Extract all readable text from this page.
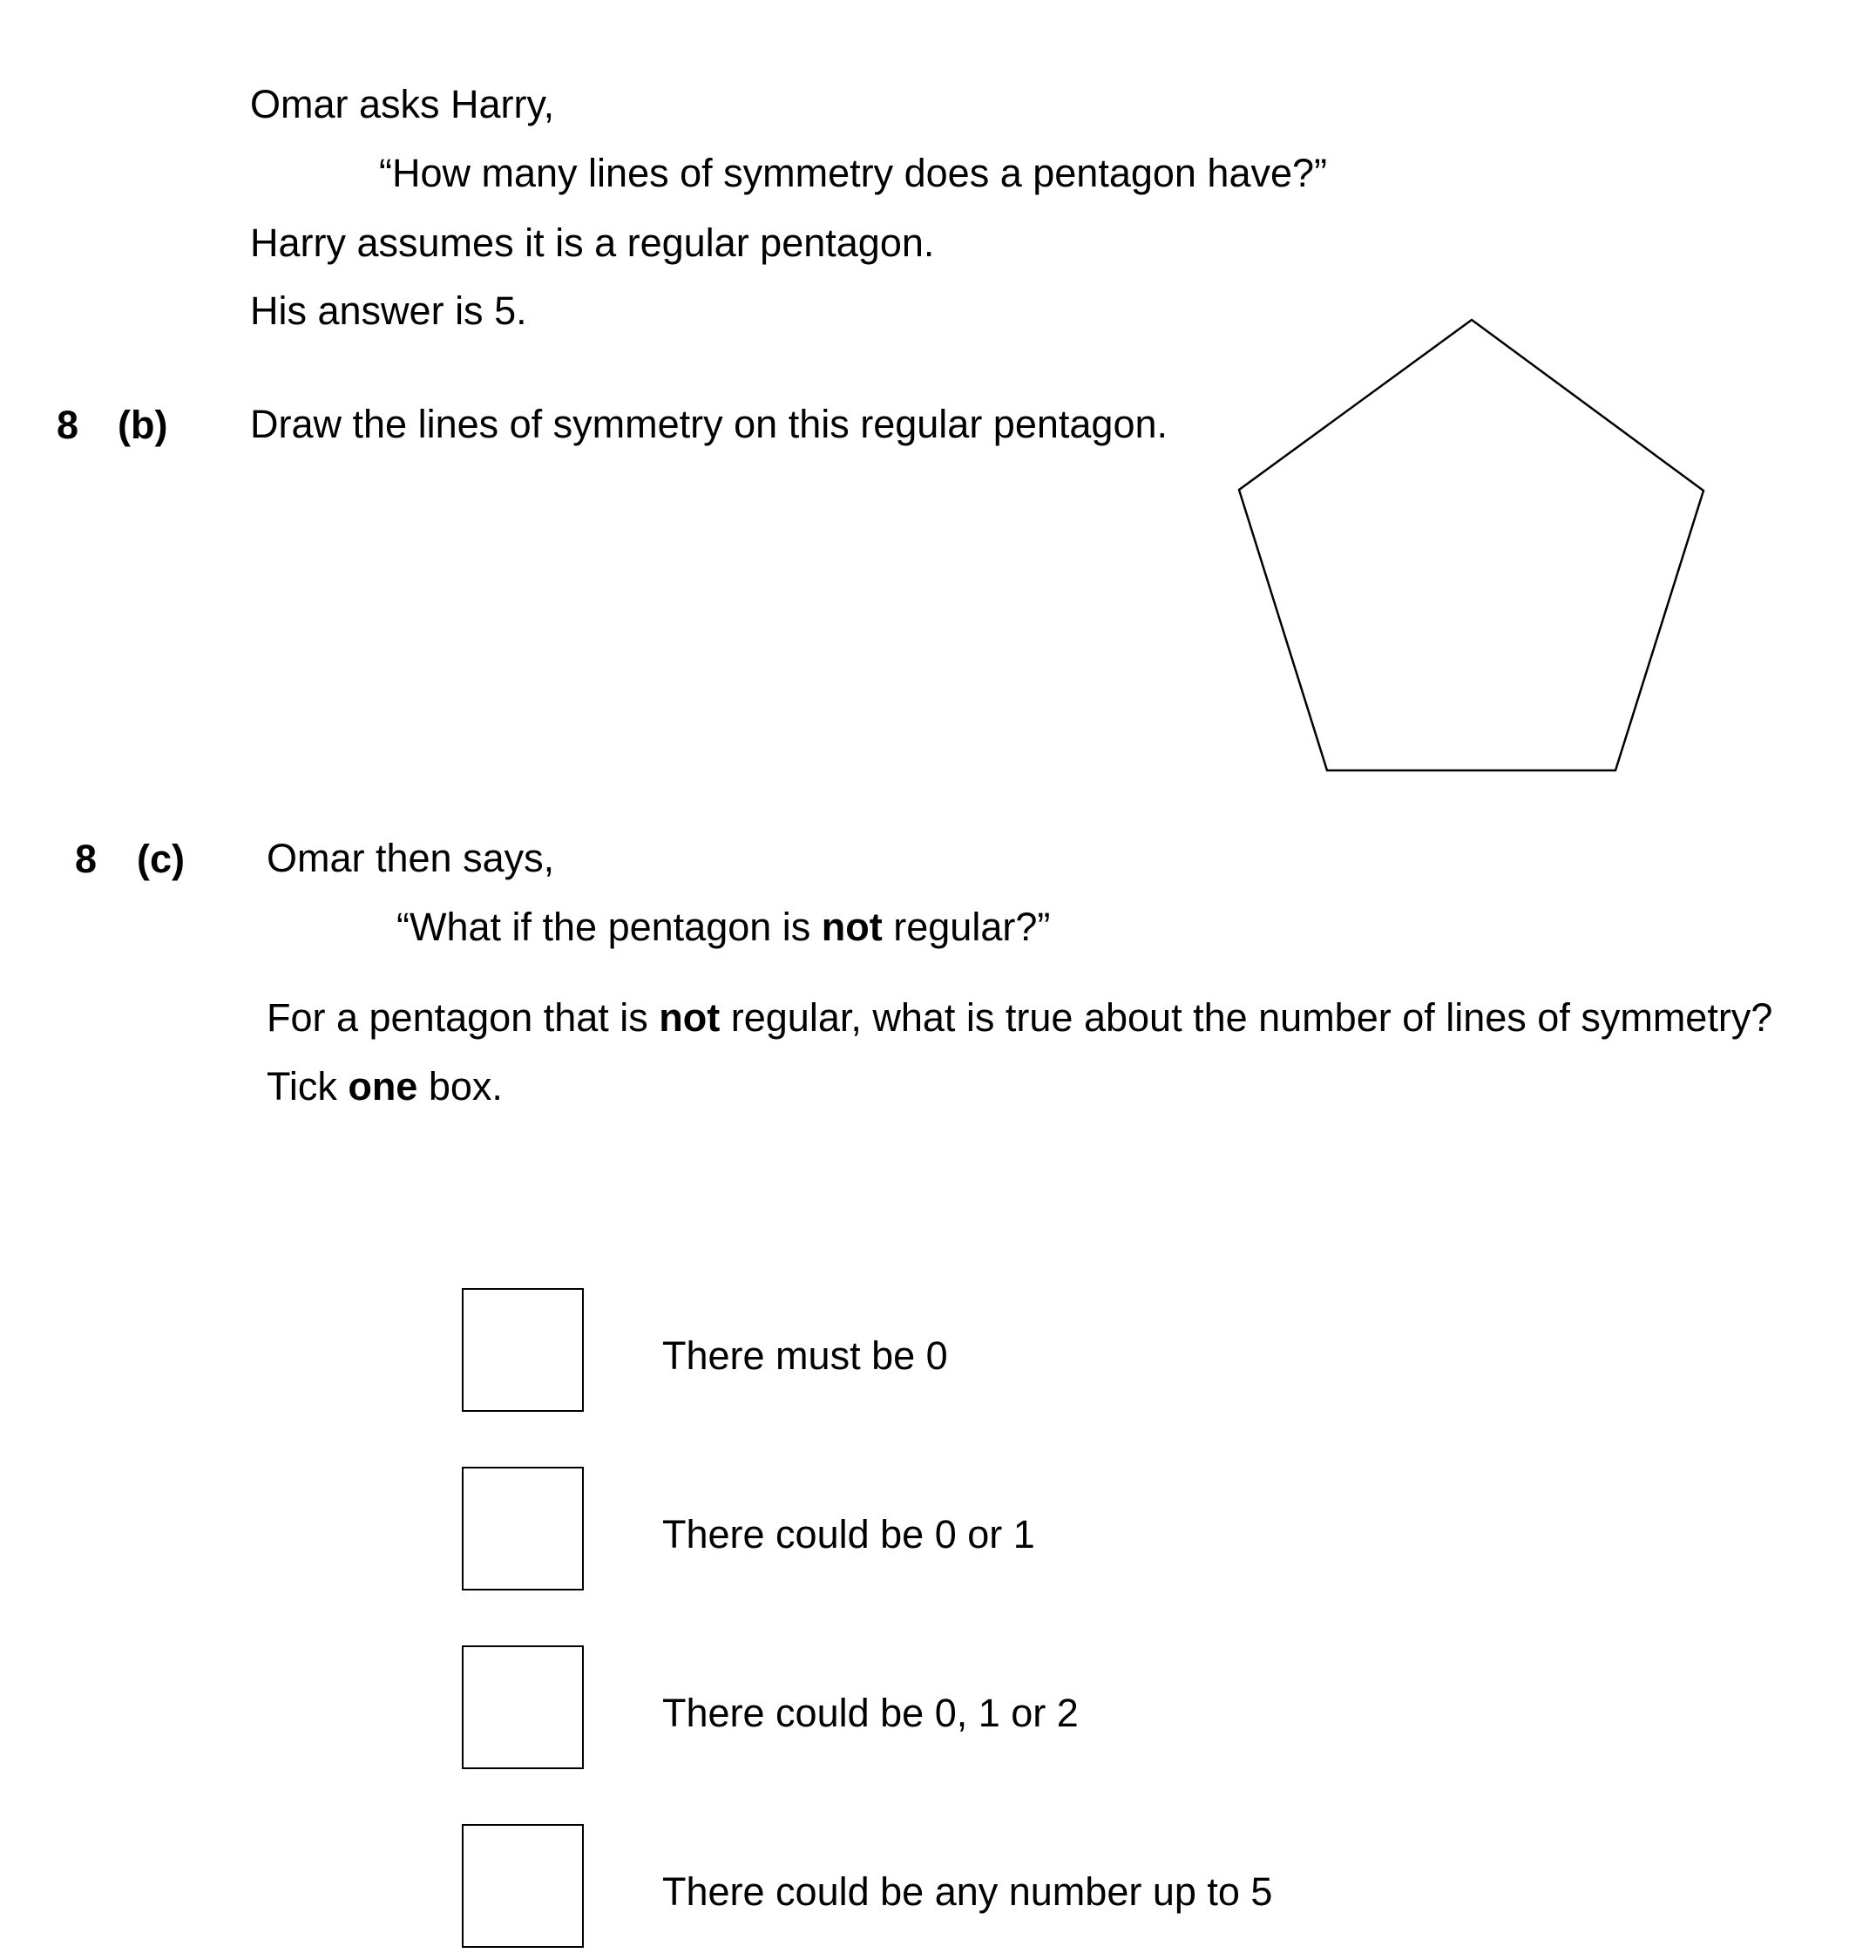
Omar asks Harry,
“How many lines of symmetry does a pentagon have?”
Harry assumes it is a regular pentagon.
His answer is 5.
8 (b) Draw the lines of symmetry on this regular pentagon.
8 (c) Omar then says,
“What if the pentagon is not regular?”
For a pentagon that is not regular, what is true about the number of lines of symmetry?
Tick one box.
There must be 0
There could be 0 or 1
There could be 0, 1 or 2
There could be any number up to 5
